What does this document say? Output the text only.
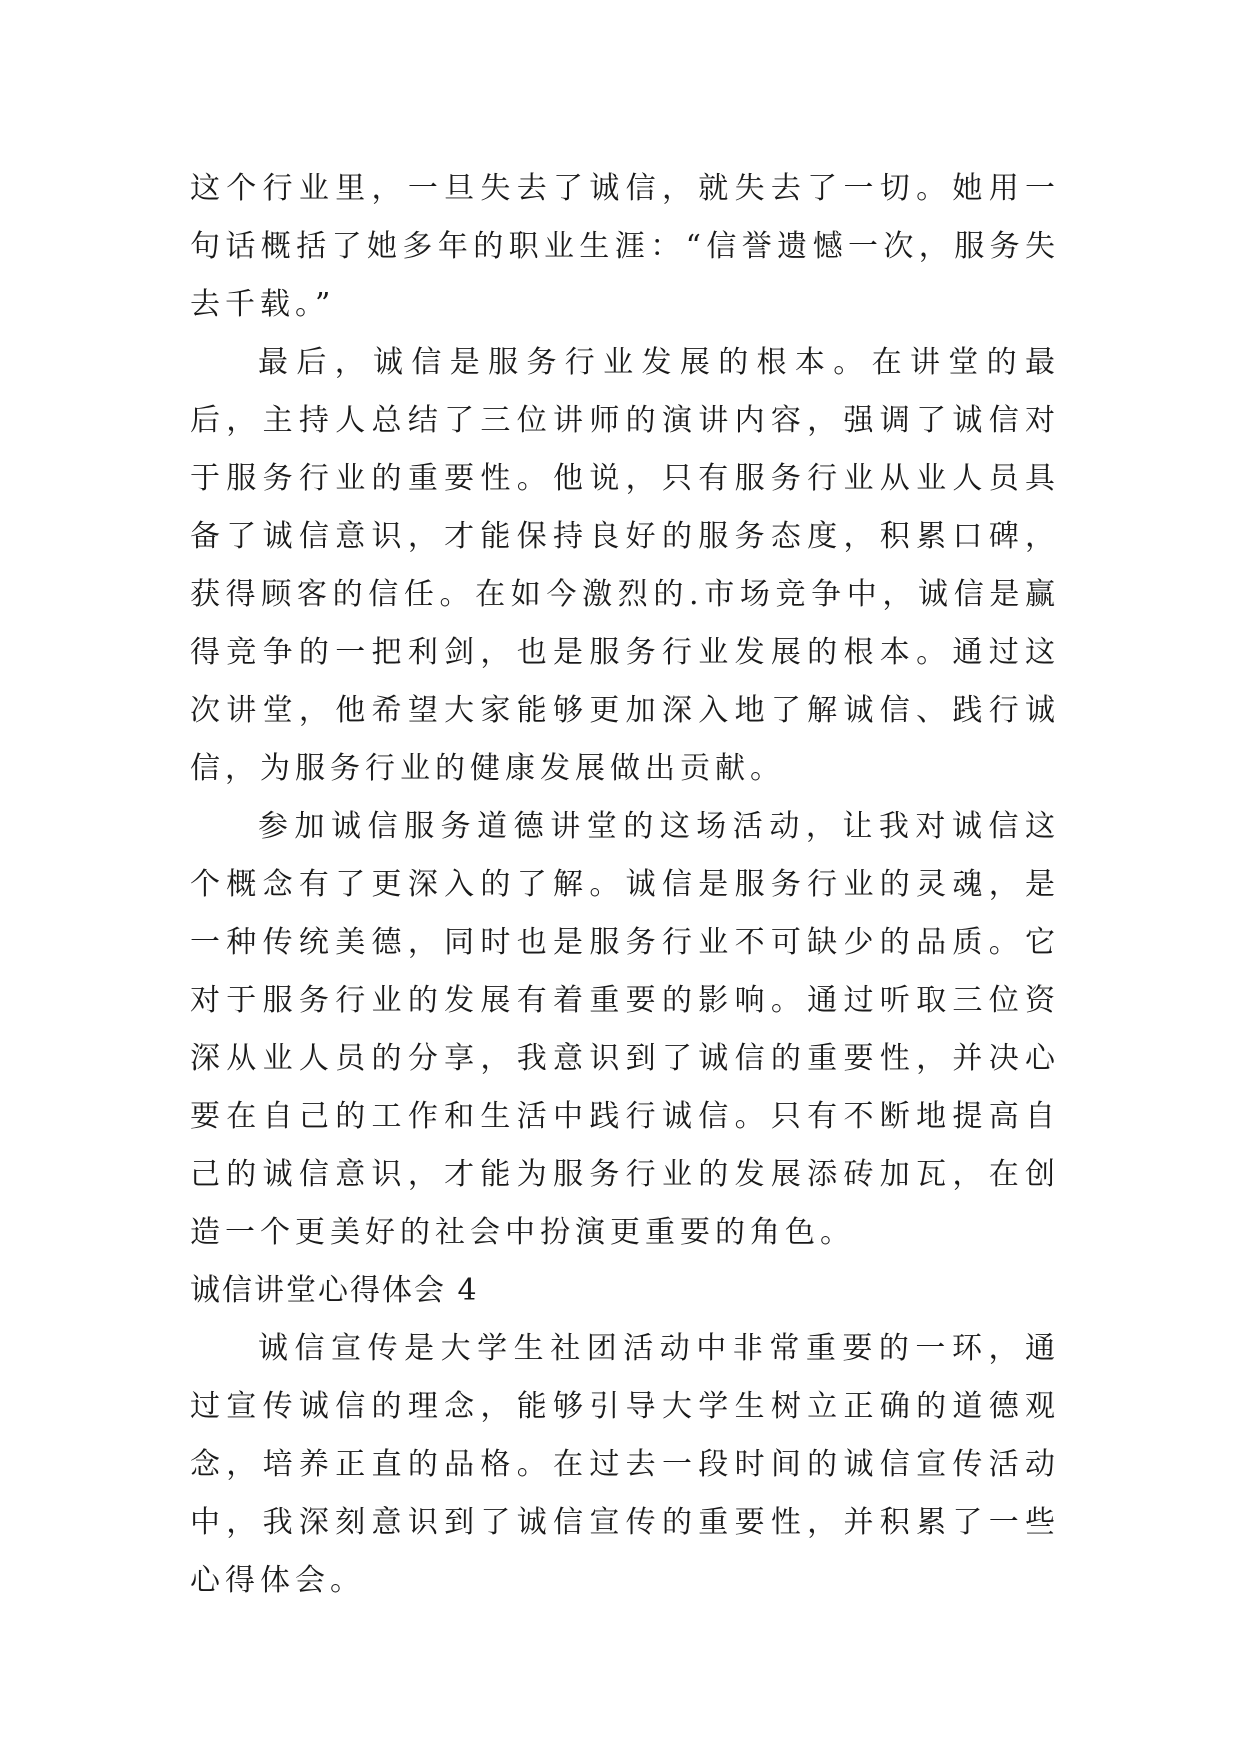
这个行业里，一旦失去了诚信，就失去了一切。她用一句话概括了她多年的职业生涯：“信誉遗憾一次，服务失去千载。”

最后，诚信是服务行业发展的根本。在讲堂的最后，主持人总结了三位讲师的演讲内容，强调了诚信对于服务行业的重要性。他说，只有服务行业从业人员具备了诚信意识，才能保持良好的服务态度，积累口碑，获得顾客的信任。在如今激烈的.市场竞争中，诚信是赢得竞争的一把利剑，也是服务行业发展的根本。通过这次讲堂，他希望大家能够更加深入地了解诚信、践行诚信，为服务行业的健康发展做出贡献。

参加诚信服务道德讲堂的这场活动，让我对诚信这个概念有了更深入的了解。诚信是服务行业的灵魂，是一种传统美德，同时也是服务行业不可缺少的品质。它对于服务行业的发展有着重要的影响。通过听取三位资深从业人员的分享，我意识到了诚信的重要性，并决心要在自己的工作和生活中践行诚信。只有不断地提高自己的诚信意识，才能为服务行业的发展添砖加瓦，在创造一个更美好的社会中扮演更重要的角色。

诚信讲堂心得体会 4

诚信宣传是大学生社团活动中非常重要的一环，通过宣传诚信的理念，能够引导大学生树立正确的道德观念，培养正直的品格。在过去一段时间的诚信宣传活动中，我深刻意识到了诚信宣传的重要性，并积累了一些心得体会。
